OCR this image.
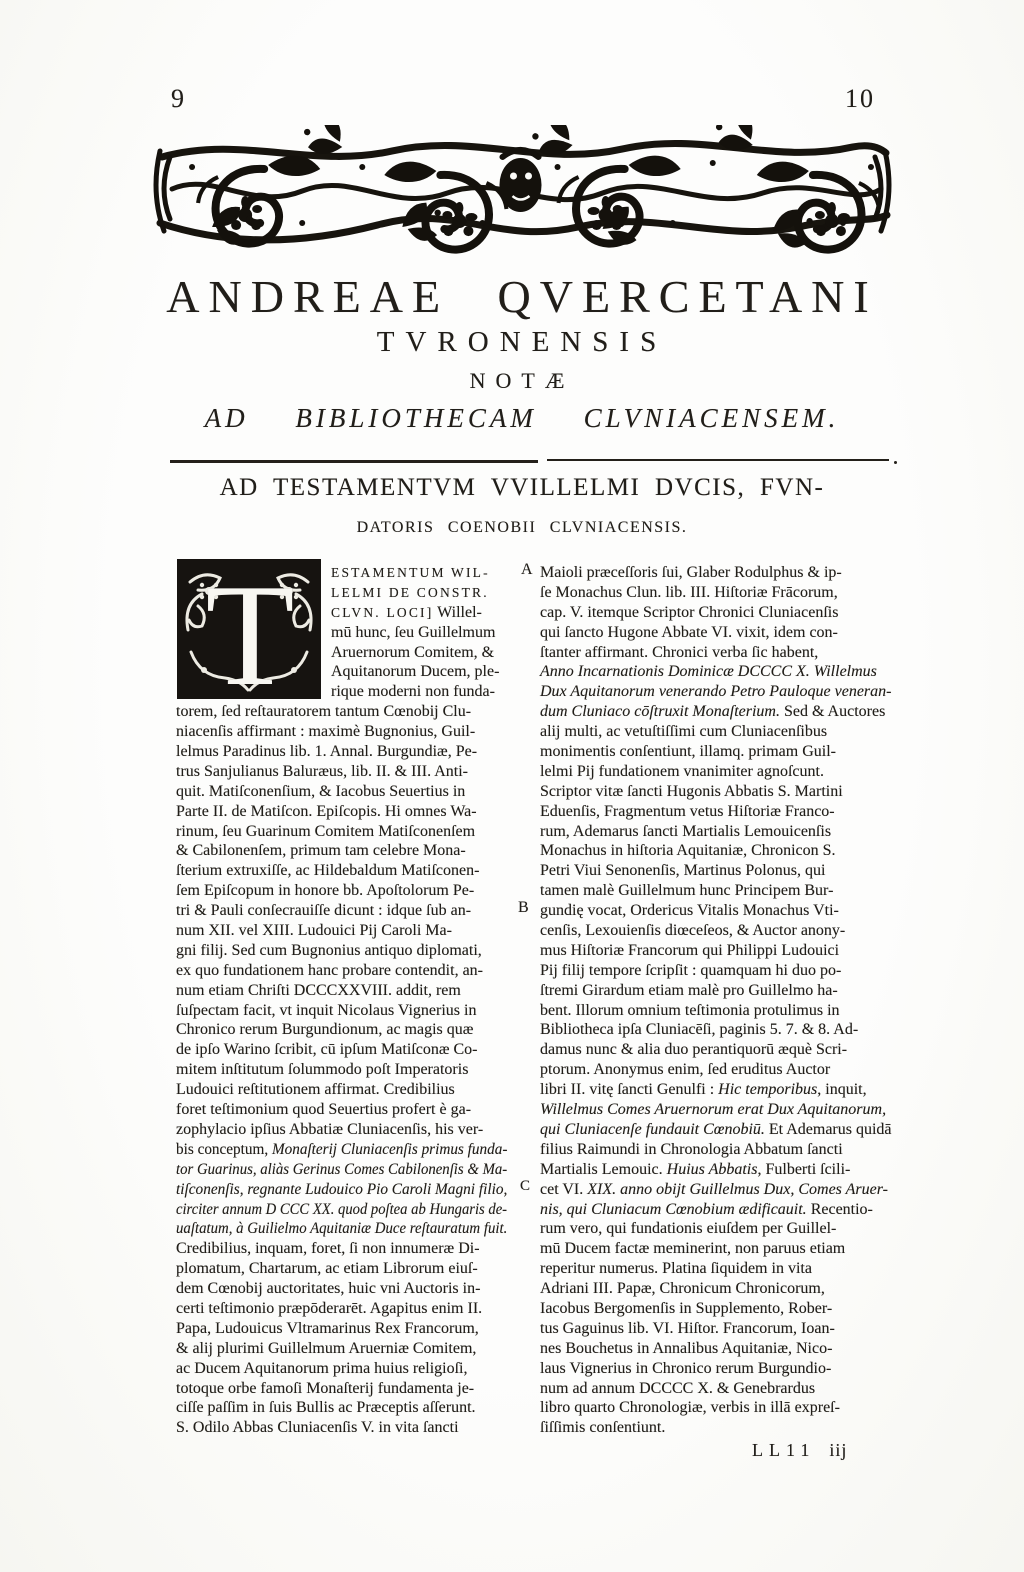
9	10
ANDREAE QVERCETANI
TVRONENSIS
NOTÆ
AD BIBLIOTHECAM CLVNIACENSEM.
AD TESTAMENTVM VVILLELMI DVCIS, FVN-
DATORIS COENOBII CLVNIACENSIS.
T	ESTAMENTUM WIL-
LELMI DE CONSTR.
CLVN. LOCI] Willel-
mū hunc, ſeu Guillelmum
Aruernorum Comitem, &
Aquitanorum Ducem, ple-
rique moderni non funda-
torem, ſed reſtauratorem tantum Cœnobij Clu-
niacenſis affirmant : maximè Bugnonius, Guil-
lelmus Paradinus lib. 1. Annal. Burgundiæ, Pe-
trus Sanjulianus Baluræus, lib. II. & III. Anti-
quit. Matiſconenſium, & Iacobus Seuertius in
Parte II. de Matiſcon. Epiſcopis. Hi omnes Wa-
rinum, ſeu Guarinum Comitem Matiſconenſem
& Cabilonenſem, primum tam celebre Mona-
ſterium extruxiſſe, ac Hildebaldum Matiſconen-
ſem Epiſcopum in honore bb. Apoſtolorum Pe-
tri & Pauli conſecrauiſſe dicunt : idque ſub an-
num XII. vel XIII. Ludouici Pij Caroli Ma-
gni filij. Sed cum Bugnonius antiquo diplomati,
ex quo fundationem hanc probare contendit, an-
num etiam Chriſti DCCCXXVIII. addit, rem
ſuſpectam facit, vt inquit Nicolaus Vignerius in
Chronico rerum Burgundionum, ac magis quæ
de ipſo Warino ſcribit, cū ipſum Matiſconæ Co-
mitem inſtitutum ſolummodo poſt Imperatoris
Ludouici reſtitutionem affirmat. Credibilius
foret teſtimonium quod Seuertius profert è ga-
zophylacio ipſius Abbatiæ Cluniacenſis, his ver-
bis conceptum, Monaſterij Cluniacenſis primus funda-
tor Guarinus, aliàs Gerinus Comes Cabilonenſis & Ma-
tiſconenſis, regnante Ludouico Pio Caroli Magni filio,
circiter annum D CCC XX. quod poſtea ab Hungaris de-
uaſtatum, à Guilielmo Aquitaniæ Duce reſtauratum fuit.
Credibilius, inquam, foret, ſi non innumeræ Di-
plomatum, Chartarum, ac etiam Librorum eiuſ-
dem Cœnobij auctoritates, huic vni Auctoris in-
certi teſtimonio præpōderarēt. Agapitus enim II.
Papa, Ludouicus Vltramarinus Rex Francorum,
& alij plurimi Guillelmum Aruerniæ Comitem,
ac Ducem Aquitanorum prima huius religioſi,
totoque orbe famoſi Monaſterij fundamenta je-
ciſſe paſſim in ſuis Bullis ac Præceptis aſſerunt.
S. Odilo Abbas Cluniacenſis V. in vita ſancti
Maioli præceſſoris ſui, Glaber Rodulphus & ip-
ſe Monachus Clun. lib. III. Hiſtoriæ Frācorum,
cap. V. itemque Scriptor Chronici Cluniacenſis
qui ſancto Hugone Abbate VI. vixit, idem con-
ſtanter affirmant. Chronici verba ſic habent,
Anno Incarnationis Dominicæ DCCCC X. Willelmus
Dux Aquitanorum venerando Petro Pauloque veneran-
dum Cluniaco cōſtruxit Monaſterium. Sed & Auctores
alij multi, ac vetuſtiſſimi cum Cluniacenſibus
monimentis conſentiunt, illamq. primam Guil-
lelmi Pij fundationem vnanimiter agnoſcunt.
Scriptor vitæ ſancti Hugonis Abbatis S. Martini
Eduenſis, Fragmentum vetus Hiſtoriæ Franco-
rum, Ademarus ſancti Martialis Lemouicenſis
Monachus in hiſtoria Aquitaniæ, Chronicon S.
Petri Viui Senonenſis, Martinus Polonus, qui
tamen malè Guillelmum hunc Principem Bur-
gundię vocat, Ordericus Vitalis Monachus Vti-
cenſis, Lexouienſis diœceſeos, & Auctor anony-
mus Hiſtoriæ Francorum qui Philippi Ludouici
Pij filij tempore ſcripſit : quamquam hi duo po-
ſtremi Girardum etiam malè pro Guillelmo ha-
bent. Illorum omnium teſtimonia protulimus in
Bibliotheca ipſa Cluniacēſi, paginis 5. 7. & 8. Ad-
damus nunc & alia duo perantiquorū æquè Scri-
ptorum. Anonymus enim, ſed eruditus Auctor
libri II. vitę ſancti Genulfi : Hic temporibus, inquit,
Willelmus Comes Aruernorum erat Dux Aquitanorum,
qui Cluniacenſe fundauit Cœnobiū. Et Ademarus quidā
filius Raimundi in Chronologia Abbatum ſancti
Martialis Lemouic. Huius Abbatis, Fulberti ſcili-
cet VI. XIX. anno obijt Guillelmus Dux, Comes Aruer-
nis, qui Cluniacum Cœnobium ædificauit. Recentio-
rum vero, qui fundationis eiuſdem per Guillel-
mū Ducem factæ meminerint, non paruus etiam
reperitur numerus. Platina ſiquidem in vita
Adriani III. Papæ, Chronicum Chronicorum,
Iacobus Bergomenſis in Supplemento, Rober-
tus Gaguinus lib. VI. Hiſtor. Francorum, Ioan-
nes Bouchetus in Annalibus Aquitaniæ, Nico-
laus Vignerius in Chronico rerum Burgundio-
num ad annum DCCCC X. & Genebrardus
libro quarto Chronologiæ, verbis in illā expreſ-
ſiſſimis conſentiunt.
A
B
C
LL11 iij
